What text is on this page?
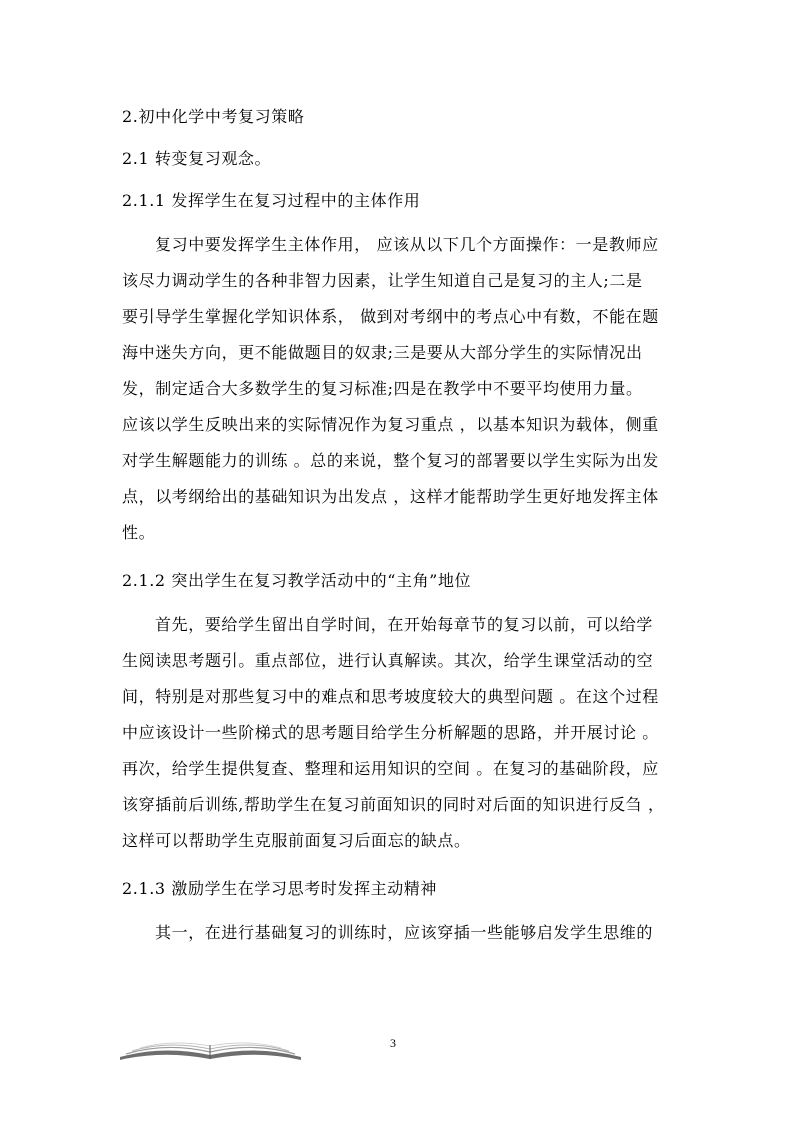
2.初中化学中考复习策略
2.1 转变复习观念。
2.1.1 发挥学生在复习过程中的主体作用
复习中要发挥学生主体作用， 应该从以下几个方面操作：一是教师应
该尽力调动学生的各种非智力因素，让学生知道自己是复习的主人;二是
要引导学生掌握化学知识体系， 做到对考纲中的考点心中有数，不能在题
海中迷失方向，更不能做题目的奴隶;三是要从大部分学生的实际情况出
发，制定适合大多数学生的复习标准;四是在教学中不要平均使用力量。
应该以学生反映出来的实际情况作为复习重点 ，以基本知识为载体，侧重
对学生解题能力的训练 。总的来说，整个复习的部署要以学生实际为出发
点，以考纲给出的基础知识为出发点 ，这样才能帮助学生更好地发挥主体
性。
2.1.2 突出学生在复习教学活动中的“主角”地位
首先，要给学生留出自学时间，在开始每章节的复习以前，可以给学
生阅读思考题引。重点部位，进行认真解读。其次，给学生课堂活动的空
间，特别是对那些复习中的难点和思考坡度较大的典型问题 。在这个过程
中应该设计一些阶梯式的思考题目给学生分析解题的思路，并开展讨论 。
再次，给学生提供复查、整理和运用知识的空间 。在复习的基础阶段，应
该穿插前后训练,帮助学生在复习前面知识的同时对后面的知识进行反刍 ，
这样可以帮助学生克服前面复习后面忘的缺点。
2.1.3 激励学生在学习思考时发挥主动精神
其一，在进行基础复习的训练时，应该穿插一些能够启发学生思维的
3
